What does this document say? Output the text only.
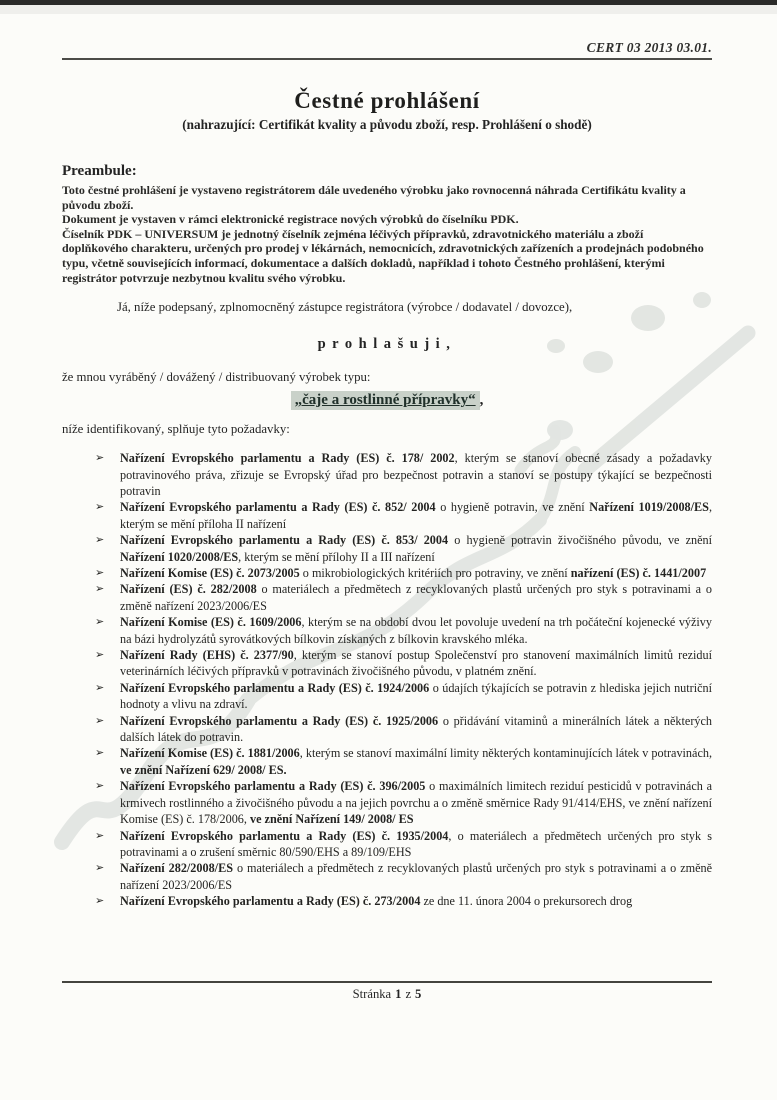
CERT 03 2013 03.01.
Čestné prohlášení
(nahrazující: Certifikát kvality a původu zboží, resp. Prohlášení o shodě)
Preambule:

Toto čestné prohlášení je vystaveno registrátorem dále uvedeného výrobku jako rovnocenná náhrada Certifikátu kvality a původu zboží.

Dokument je vystaven v rámci elektronické registrace nových výrobků do číselníku PDK.

Číselník PDK – UNIVERSUM je jednotný číselník zejména léčivých přípravků, zdravotnického materiálu a zboží doplňkového charakteru, určených pro prodej v lékárnách, nemocnicích, zdravotnických zařízeních a prodejnách podobného typu, včetně souvisejících informací, dokumentace a dalších dokladů, například i tohoto Čestného prohlášení, kterými registrátor potvrzuje nezbytnou kvalitu svého výrobku.

Já, níže podepsaný, zplnomocněný zástupce registrátora (výrobce / dodavatel / dovozce),

prohlašuji,

že mnou vyráběný / dovážený / distribuovaný výrobek typu:

„čaje a rostlinné přípravky“ ,

níže identifikovaný, splňuje tyto požadavky:

➢ Nařízení Evropského parlamentu a Rady (ES) č. 178/ 2002, kterým se stanoví obecné zásady a požadavky potravinového práva, zřizuje se Evropský úřad pro bezpečnost potravin a stanoví se postupy týkající se bezpečnosti potravin
➢ Nařízení Evropského parlamentu a Rady (ES) č. 852/ 2004 o hygieně potravin, ve znění Nařízení 1019/2008/ES, kterým se mění příloha II nařízení
➢ Nařízení Evropského parlamentu a Rady (ES) č. 853/ 2004 o hygieně potravin živočišného původu, ve znění Nařízení 1020/2008/ES, kterým se mění přílohy II a III nařízení
➢ Nařízení Komise (ES) č. 2073/2005 o mikrobiologických kritériích pro potraviny, ve znění nařízení (ES) č. 1441/2007
➢ Nařízení (ES) č. 282/2008 o materiálech a předmětech z recyklovaných plastů určených pro styk s potravinami a o změně nařízení 2023/2006/ES
➢ Nařízení Komise (ES) č. 1609/2006, kterým se na období dvou let povoluje uvedení na trh počáteční kojenecké výživy na bázi hydrolyzátů syrovátkových bílkovin získaných z bílkovin kravského mléka.
➢ Nařízení Rady (EHS) č. 2377/90, kterým se stanoví postup Společenství pro stanovení maximálních limitů reziduí veterinárních léčivých přípravků v potravinách živočišného původu, v platném znění.
➢ Nařízení Evropského parlamentu a Rady (ES) č. 1924/2006 o údajích týkajících se potravin z hlediska jejich nutriční hodnoty a vlivu na zdraví.
➢ Nařízení Evropského parlamentu a Rady (ES) č. 1925/2006 o přidávání vitaminů a minerálních látek a některých dalších látek do potravin.
➢ Nařízení Komise (ES) č. 1881/2006, kterým se stanoví maximální limity některých kontaminujících látek v potravinách, ve znění Nařízení 629/ 2008/ ES.
➢ Nařízení Evropského parlamentu a Rady (ES) č. 396/2005 o maximálních limitech reziduí pesticidů v potravinách a krmivech rostlinného a živočišného původu a na jejich povrchu a o změně směrnice Rady 91/414/EHS, ve znění nařízení Komise (ES) č. 178/2006, ve znění Nařízení 149/ 2008/ ES
➢ Nařízení Evropského parlamentu a Rady (ES) č. 1935/2004, o materiálech a předmětech určených pro styk s potravinami a o zrušení směrnic 80/590/EHS a 89/109/EHS
➢ Nařízení 282/2008/ES o materiálech a předmětech z recyklovaných plastů určených pro styk s potravinami a o změně nařízení 2023/2006/ES
➢ Nařízení Evropského parlamentu a Rady (ES) č. 273/2004 ze dne 11. února 2004 o prekursorech drog
Stránka 1 z 5
